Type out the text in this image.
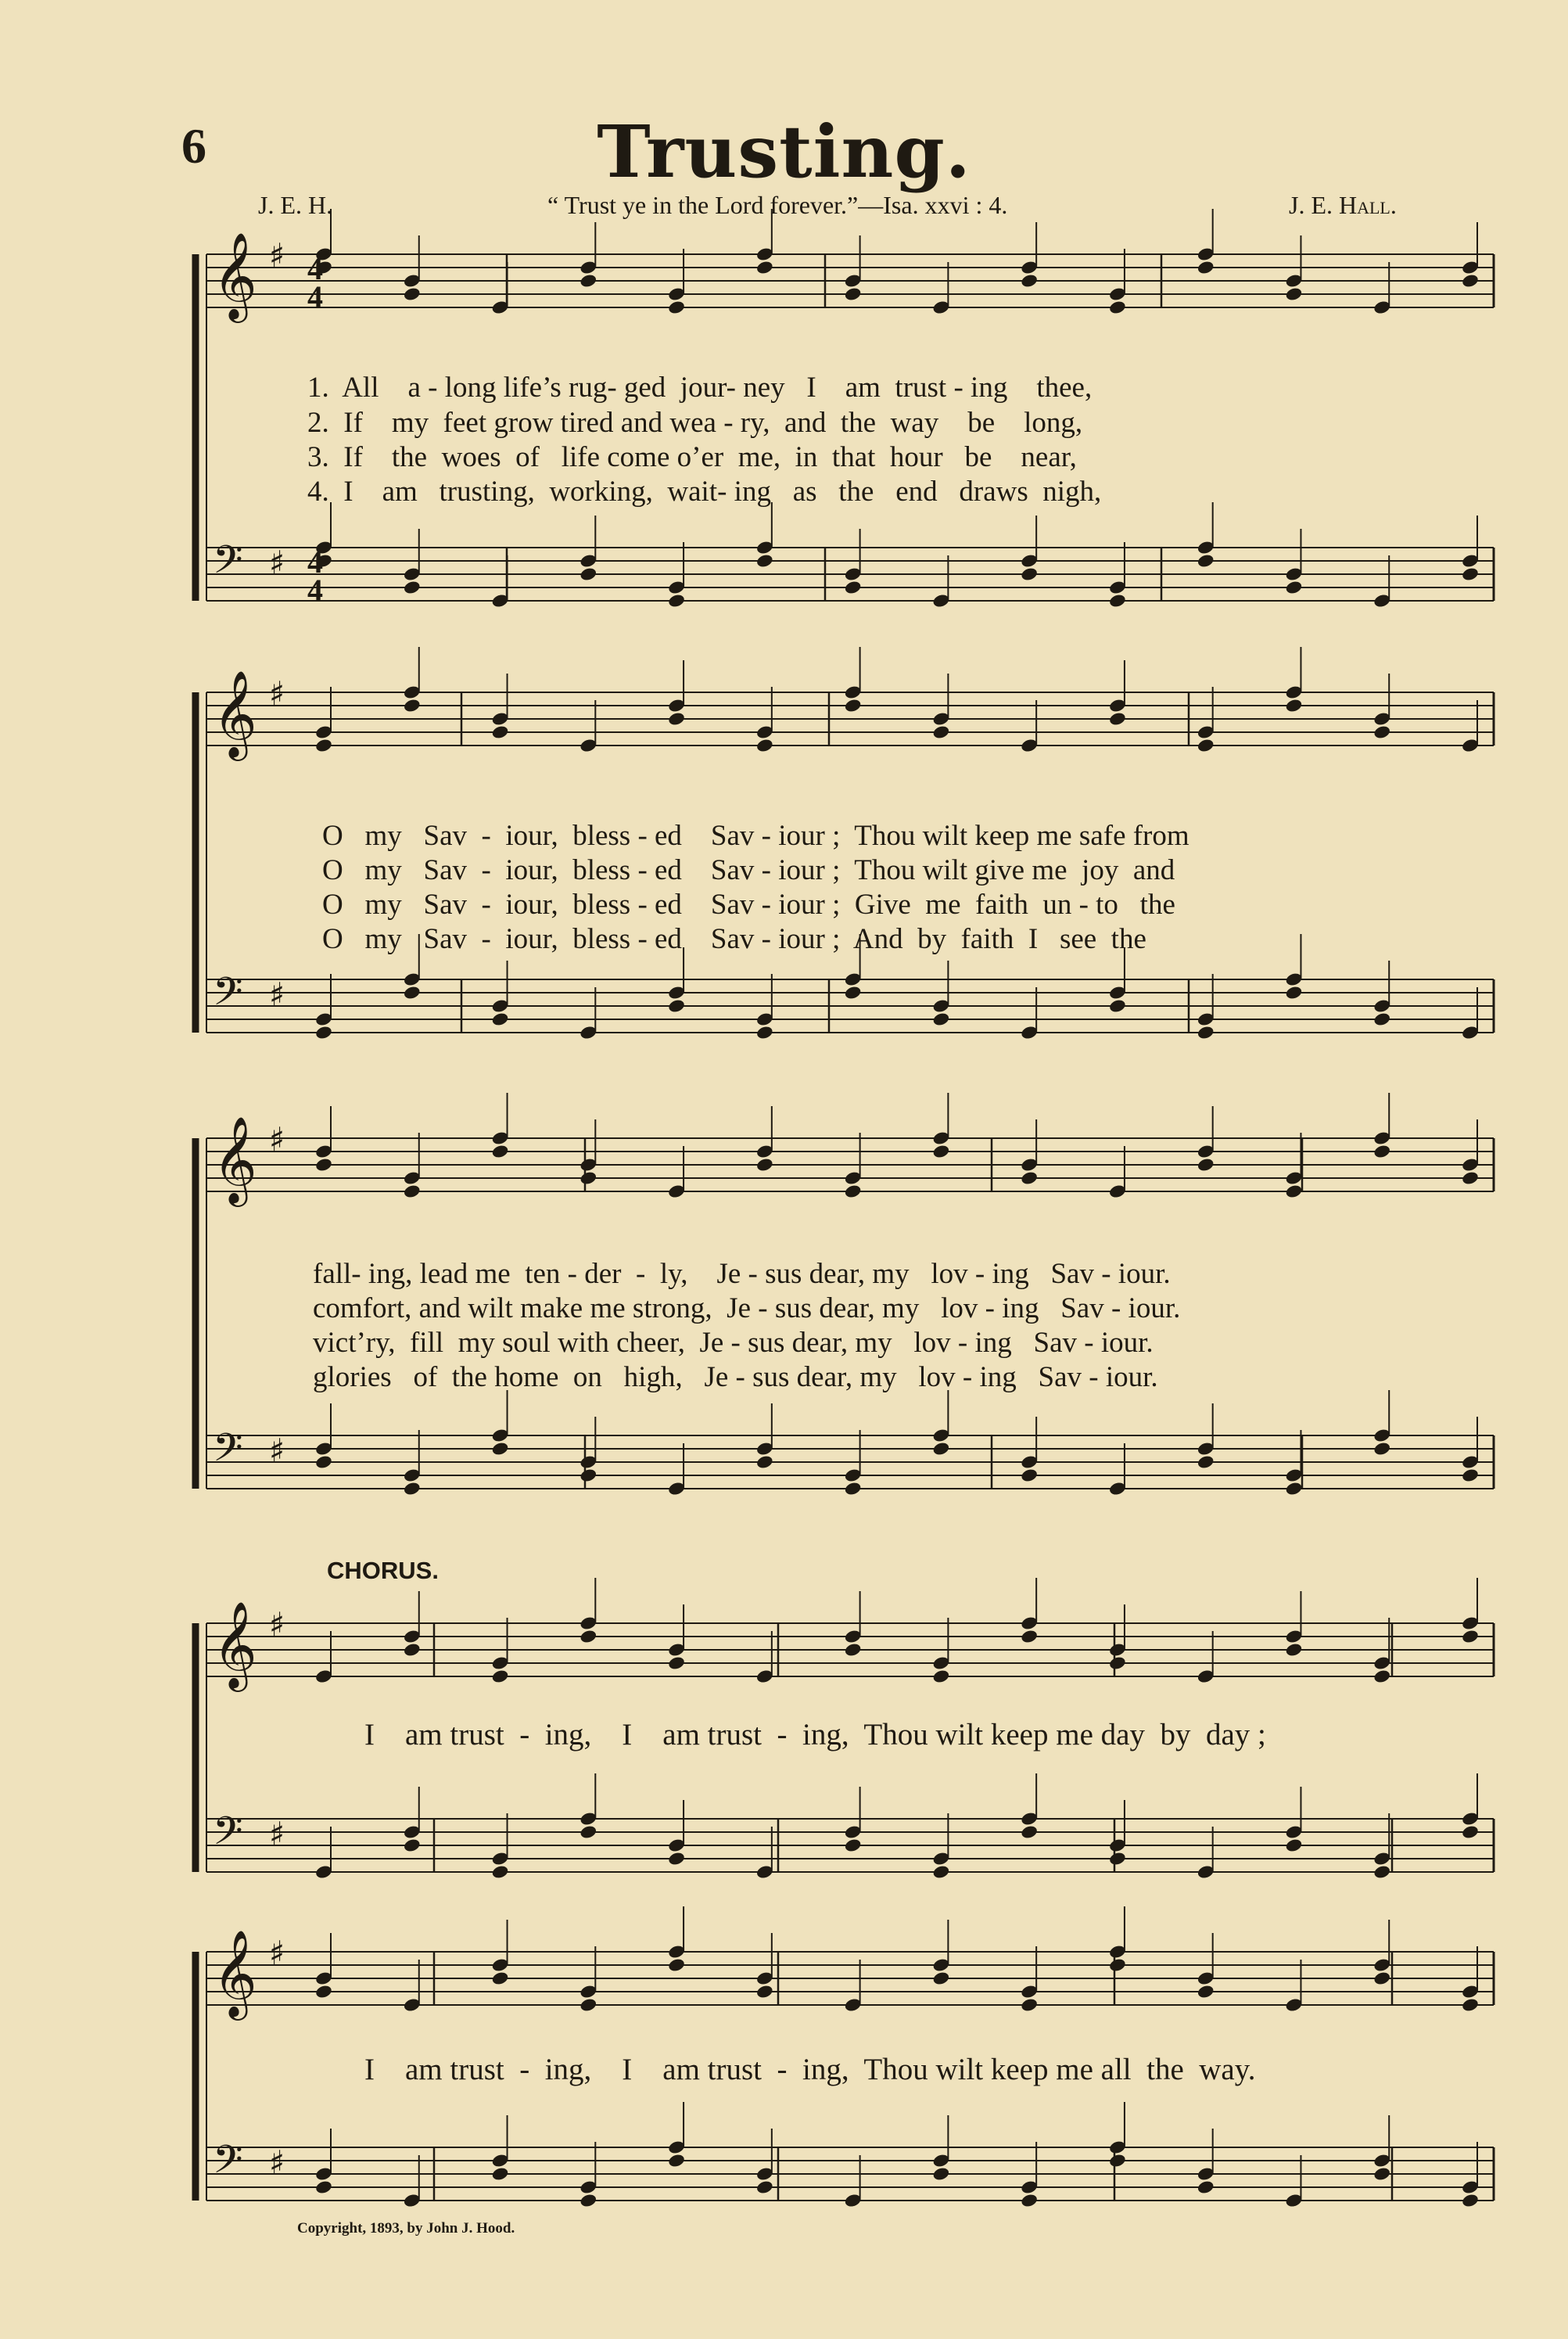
𝄞 ♯
𝄢 ♯
𝄞 ♯
𝄢 ♯
𝄞 ♯
𝄢 ♯
𝄞 ♯
𝄢 ♯
𝄞 ♯
𝄢 ♯
4
4
4
4
6	Trusting.
J. E. H.	“ Trust ye in the Lord forever.”—Isa. xxvi : 4.	J. E. Hall.
1.  All    a - long life’s rug- ged  jour- ney   I    am  trust - ing    thee,
2.  If    my  feet grow tired and wea - ry,  and  the  way    be    long,
3.  If    the  woes  of   life come o’er  me,  in  that  hour   be    near,
4.  I    am   trusting,  working,  wait- ing   as   the   end   draws  nigh,
O   my   Sav  -  iour,  bless - ed    Sav - iour ;  Thou wilt keep me safe from
O   my   Sav  -  iour,  bless - ed    Sav - iour ;  Thou wilt give me  joy  and
O   my   Sav  -  iour,  bless - ed    Sav - iour ;  Give  me  faith  un - to   the
O   my   Sav  -  iour,  bless - ed    Sav - iour ;  And  by  faith  I   see  the
fall- ing, lead me  ten - der  -  ly,    Je - sus dear, my   lov - ing   Sav - iour.
comfort, and wilt make me strong,  Je - sus dear, my   lov - ing   Sav - iour.
vict’ry,  fill  my soul with cheer,  Je - sus dear, my   lov - ing   Sav - iour.
glories   of  the home  on   high,   Je - sus dear, my   lov - ing   Sav - iour.
CHORUS.
I    am trust  -  ing,    I    am trust  -  ing,  Thou wilt keep me day  by  day ;
I    am trust  -  ing,    I    am trust  -  ing,  Thou wilt keep me all  the  way.
Copyright, 1893, by John J. Hood.
